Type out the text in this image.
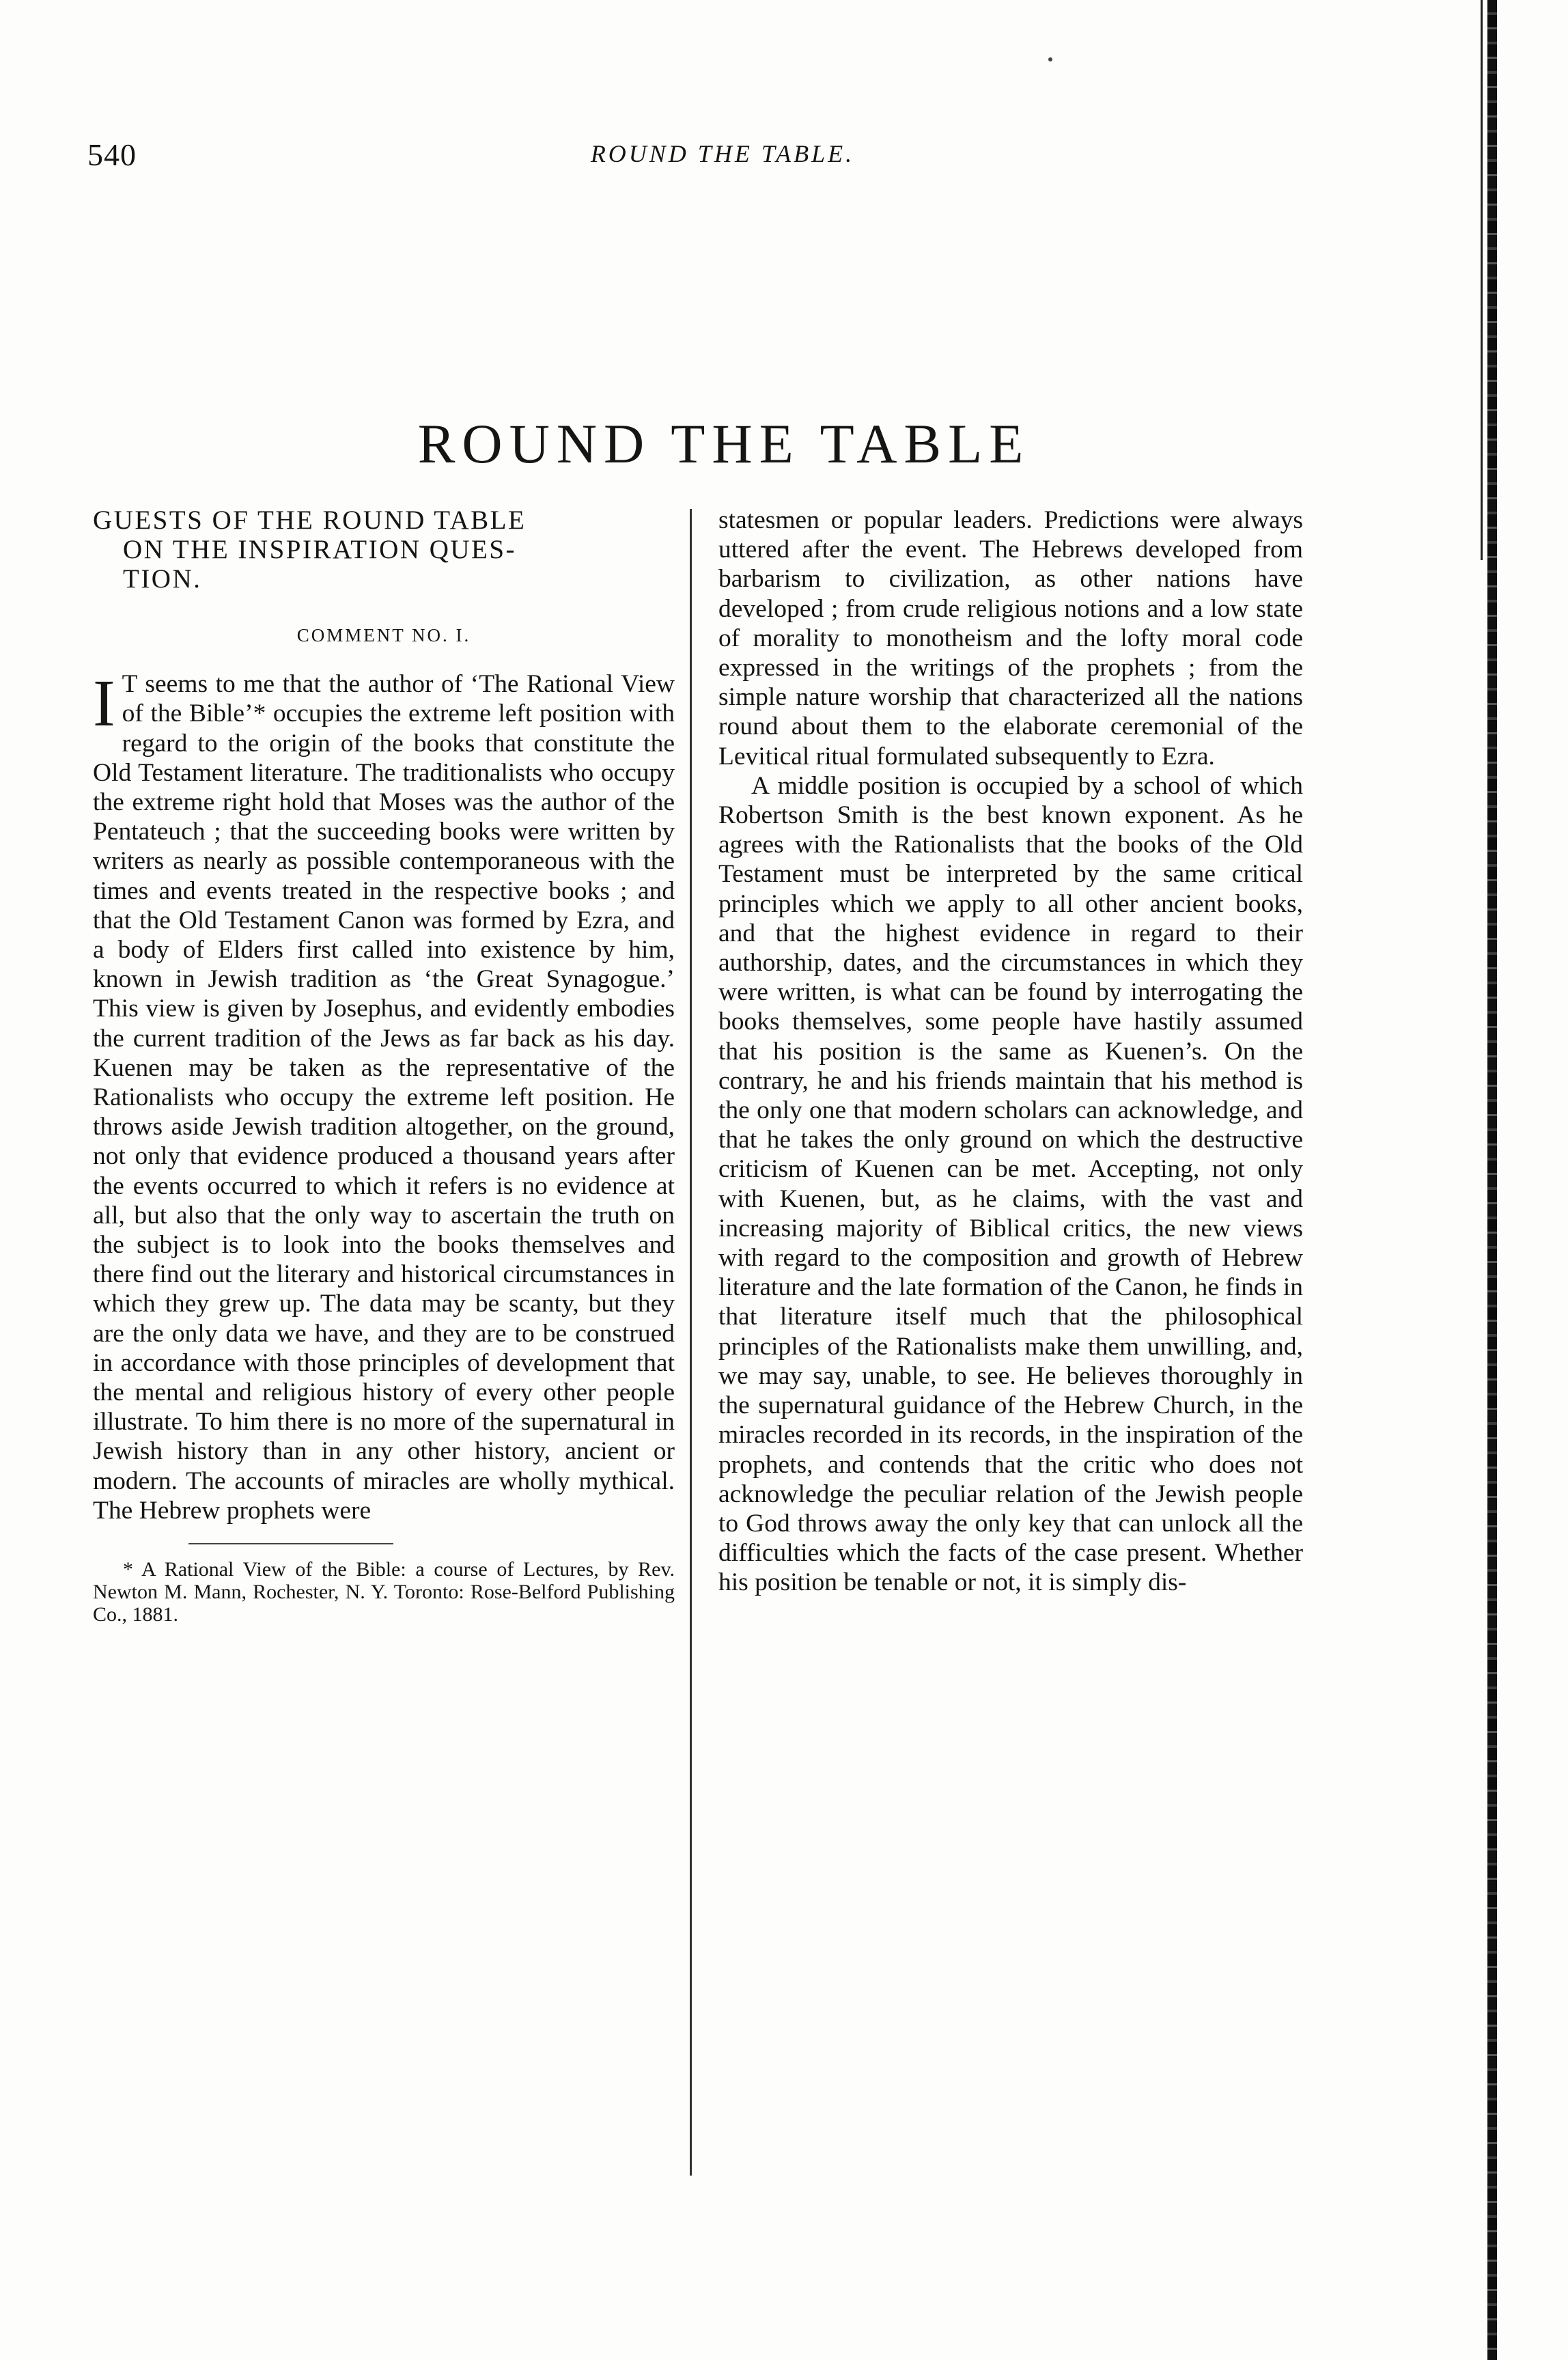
540	ROUND THE TABLE.
ROUND THE TABLE
GUESTS OF THE ROUND TABLE
ON THE INSPIRATION QUES-
TION.
COMMENT NO. I.

I T seems to me that the author of ‘The Rational View of the Bible’* occupies the extreme left position with regard to the origin of the books that constitute the Old Testament literature. The traditionalists who occupy the extreme right hold that Moses was the author of the Pentateuch ; that the succeeding books were written by writers as nearly as possible contemporaneous with the times and events treated in the respective books ; and that the Old Testament Canon was formed by Ezra, and a body of Elders first called into existence by him, known in Jewish tradition as ‘the Great Synagogue.’ This view is given by Josephus, and evidently embodies the current tradition of the Jews as far back as his day. Kuenen may be taken as the representative of the Rationalists who occupy the extreme left position. He throws aside Jewish tradition altogether, on the ground, not only that evidence produced a thousand years after the events occurred to which it refers is no evidence at all, but also that the only way to ascertain the truth on the subject is to look into the books themselves and there find out the literary and historical circumstances in which they grew up. The data may be scanty, but they are the only data we have, and they are to be construed in accordance with those principles of development that the mental and religious history of every other people illustrate. To him there is no more of the supernatural in Jewish history than in any other history, ancient or modern. The accounts of miracles are wholly mythical. The Hebrew prophets were

* A Rational View of the Bible: a course of Lectures, by Rev. Newton M. Mann, Rochester, N. Y. Toronto: Rose-Belford Publishing Co., 1881.

statesmen or popular leaders. Predictions were always uttered after the event. The Hebrews developed from barbarism to civilization, as other nations have developed ; from crude religious notions and a low state of morality to monotheism and the lofty moral code expressed in the writings of the prophets ; from the simple nature worship that characterized all the nations round about them to the elaborate ceremonial of the Levitical ritual formulated subsequently to Ezra.

A middle position is occupied by a school of which Robertson Smith is the best known exponent. As he agrees with the Rationalists that the books of the Old Testament must be interpreted by the same critical principles which we apply to all other ancient books, and that the highest evidence in regard to their authorship, dates, and the circumstances in which they were written, is what can be found by interrogating the books themselves, some people have hastily assumed that his position is the same as Kuenen’s. On the contrary, he and his friends maintain that his method is the only one that modern scholars can acknowledge, and that he takes the only ground on which the destructive criticism of Kuenen can be met. Accepting, not only with Kuenen, but, as he claims, with the vast and increasing majority of Biblical critics, the new views with regard to the composition and growth of Hebrew literature and the late formation of the Canon, he finds in that literature itself much that the philosophical principles of the Rationalists make them unwilling, and, we may say, unable, to see. He believes thoroughly in the supernatural guidance of the Hebrew Church, in the miracles recorded in its records, in the inspiration of the prophets, and contends that the critic who does not acknowledge the peculiar relation of the Jewish people to God throws away the only key that can unlock all the difficulties which the facts of the case present. Whether his position be tenable or not, it is simply dis-
